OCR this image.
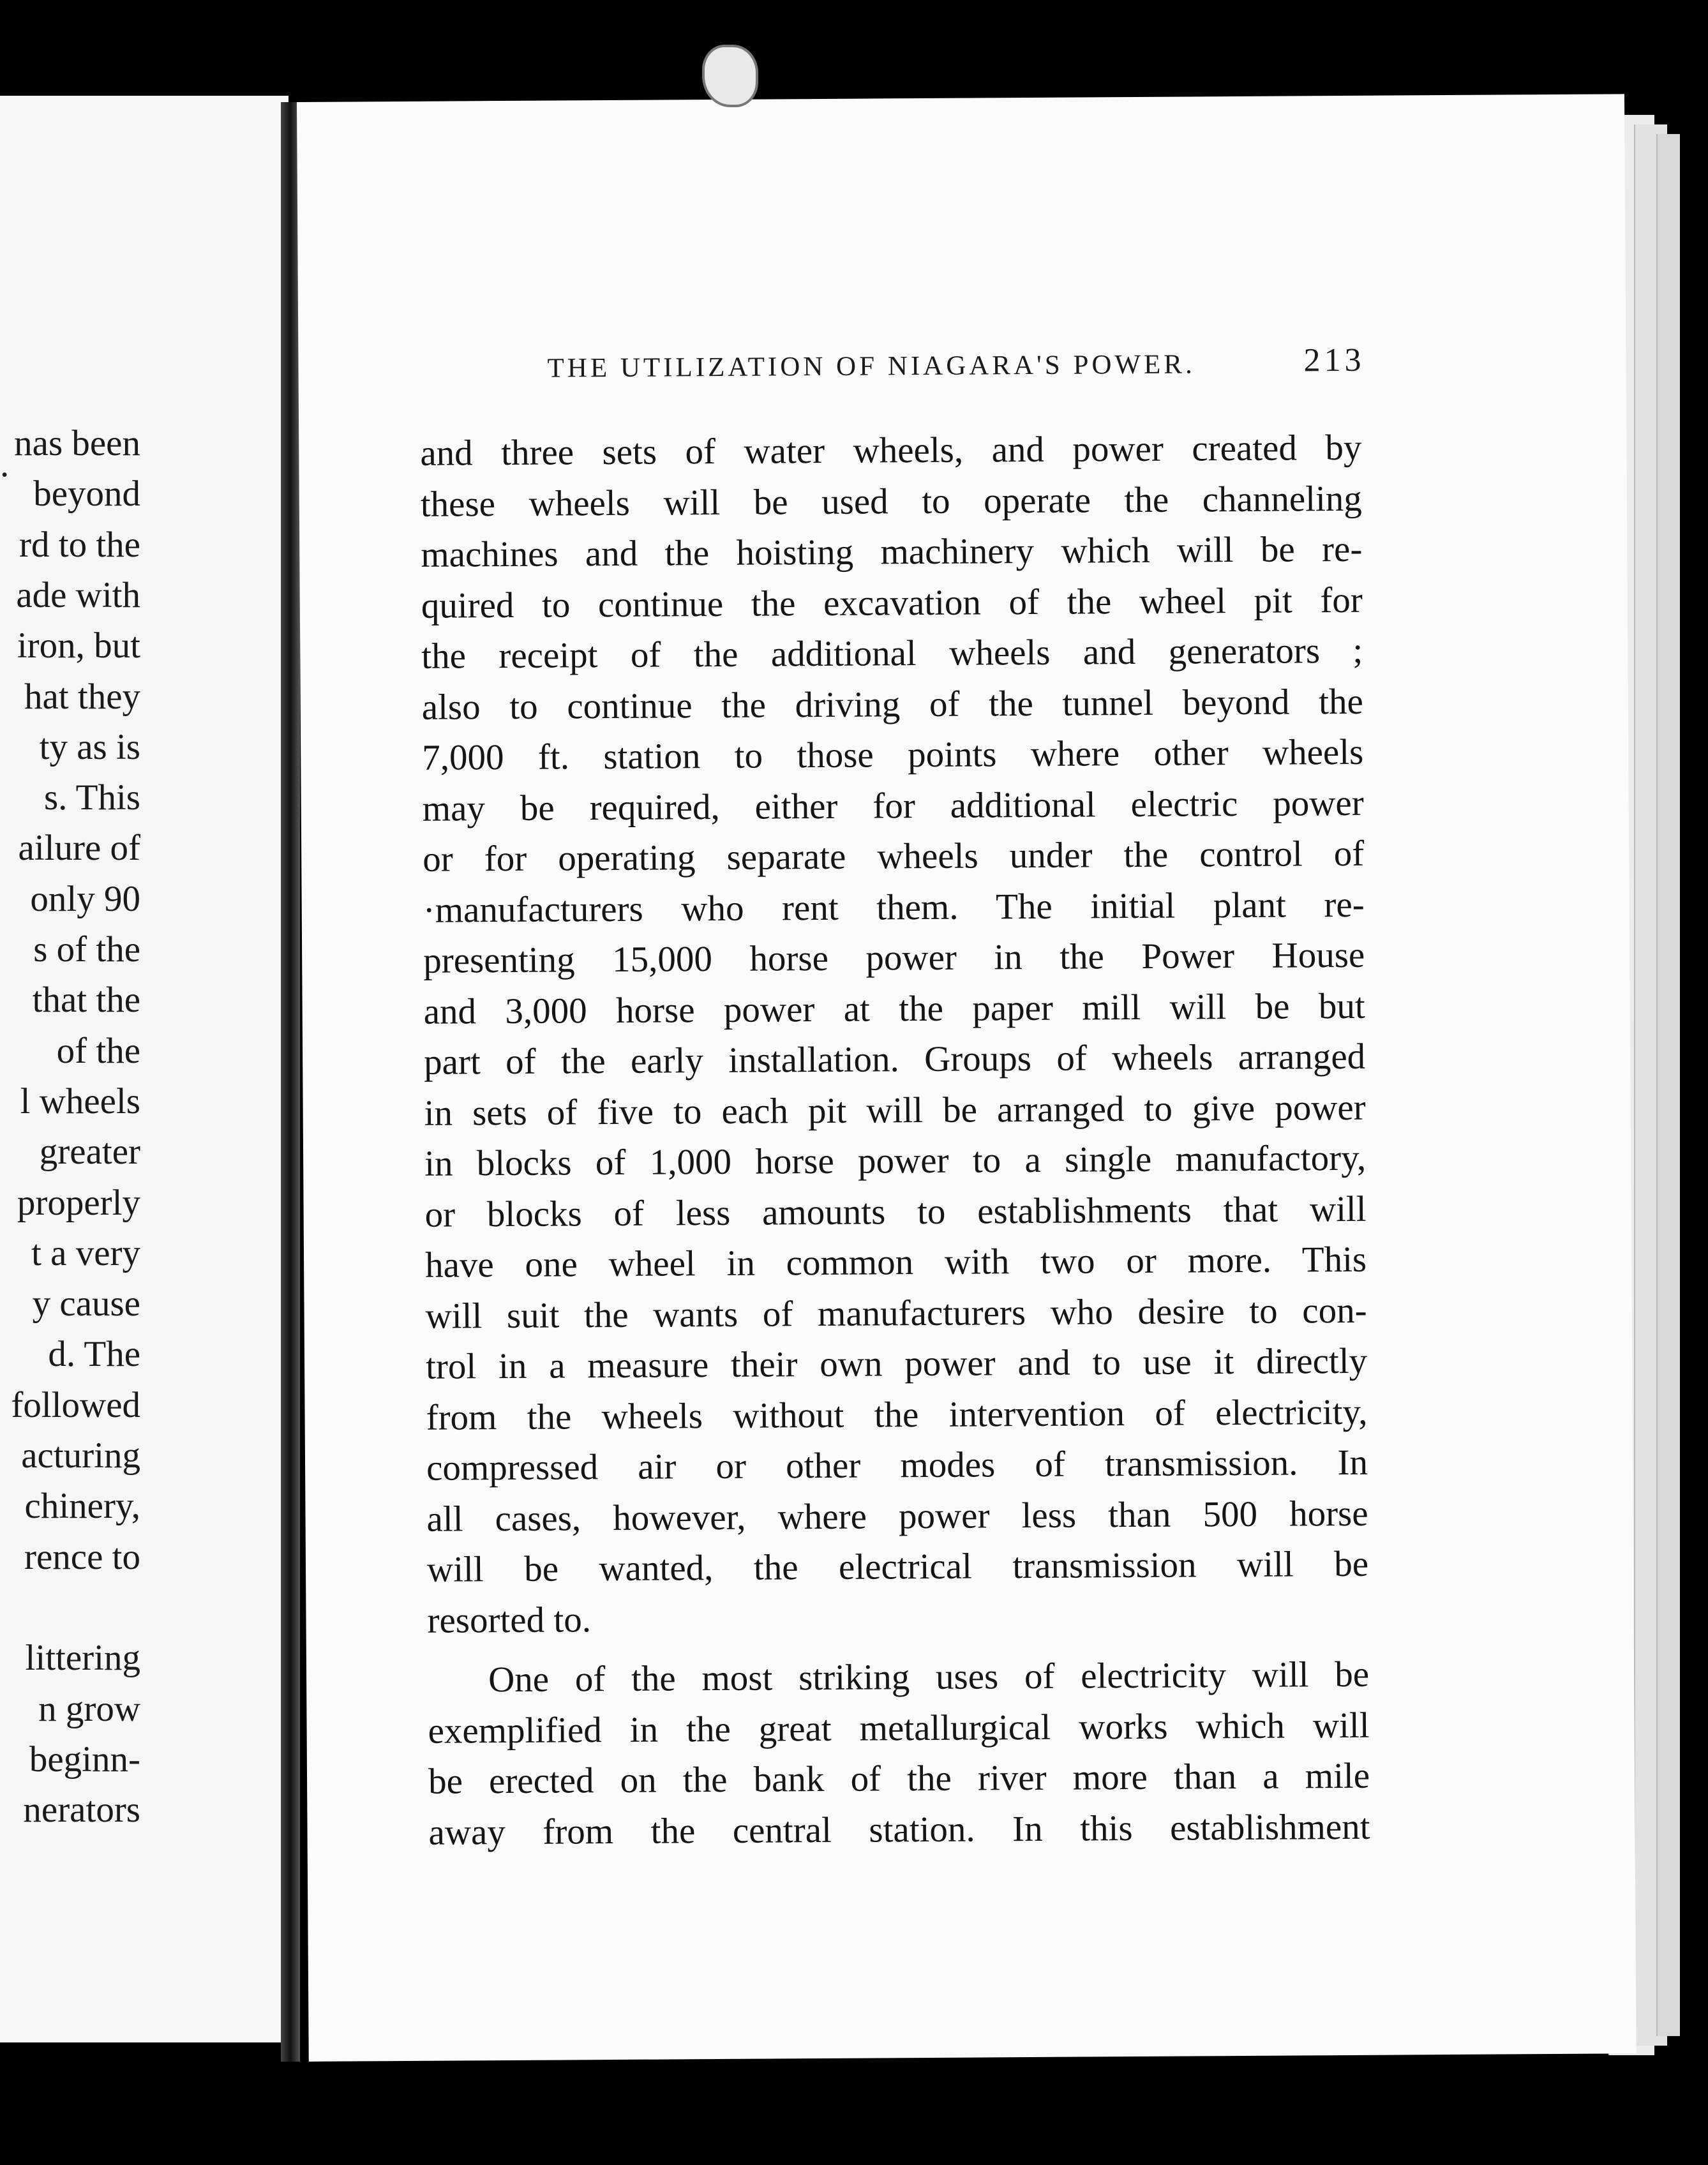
.
nas been
beyond
rd to the
ade with
iron, but
hat they
ty as is
s. This
ailure of
only 90
s of the
that the
of the
l wheels
greater
properly
t a very
y cause
d. The
followed
acturing
chinery,
rence to
littering
n grow
beginn-
nerators
THE UTILIZATION OF NIAGARA'S POWER.	213
and three sets of water wheels, and power created by
these wheels will be used to operate the channeling
machines and the hoisting machinery which will be re-
quired to continue the excavation of the wheel pit for
the receipt of the additional wheels and generators ;
also to continue the driving of the tunnel beyond the
7,000 ft. station to those points where other wheels
may be required, either for additional electric power
or for operating separate wheels under the control of
·manufacturers who rent them. The initial plant re-
presenting 15,000 horse power in the Power House
and 3,000 horse power at the paper mill will be but
part of the early installation. Groups of wheels arranged
in sets of five to each pit will be arranged to give power
in blocks of 1,000 horse power to a single manufactory,
or blocks of less amounts to establishments that will
have one wheel in common with two or more. This
will suit the wants of manufacturers who desire to con-
trol in a measure their own power and to use it directly
from the wheels without the intervention of electricity,
compressed air or other modes of transmission. In
all cases, however, where power less than 500 horse
will be wanted, the electrical transmission will be
resorted to.
One of the most striking uses of electricity will be
exemplified in the great metallurgical works which will
be erected on the bank of the river more than a mile
away from the central station. In this establishment
